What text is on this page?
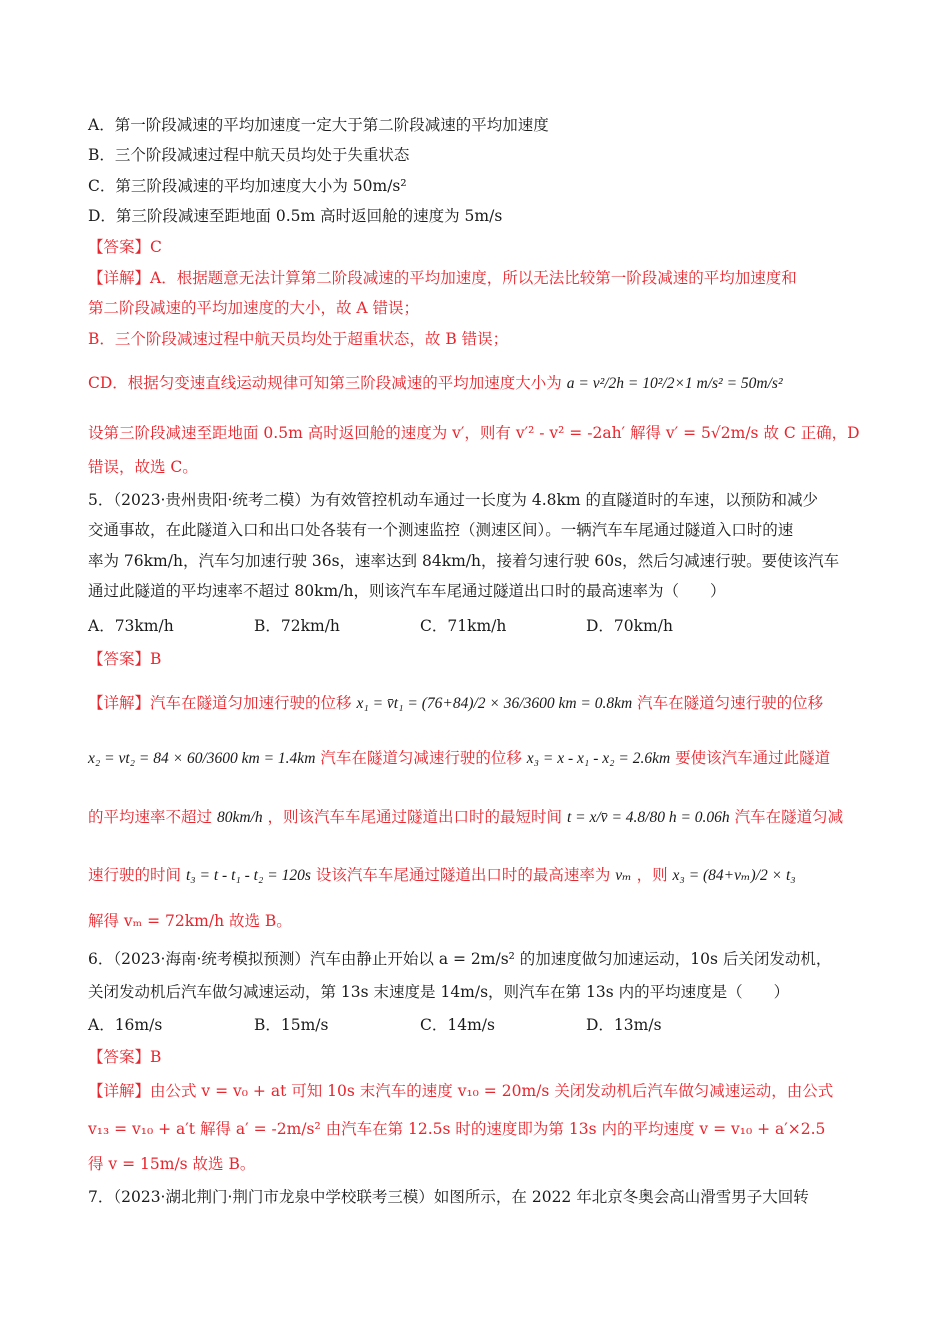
A．第一阶段减速的平均加速度一定大于第二阶段减速的平均加速度
B．三个阶段减速过程中航天员均处于失重状态
C．第三阶段减速的平均加速度大小为 50m/s²
D．第三阶段减速至距地面 0.5m 高时返回舱的速度为 5m/s
【答案】C
【详解】A．根据题意无法计算第二阶段减速的平均加速度，所以无法比较第一阶段减速的平均加速度和
第二阶段减速的平均加速度的大小，故 A 错误；
B．三个阶段减速过程中航天员均处于超重状态，故 B 错误；
CD．根据匀变速直线运动规律可知第三阶段减速的平均加速度大小为 a = v²/2h = 10²/2×1 m/s² = 50m/s²
设第三阶段减速至距地面 0.5m 高时返回舱的速度为 v′，则有 v′² - v² = -2ah′ 解得 v′ = 5√2m/s 故 C 正确，D
错误，故选 C。
5．（2023·贵州贵阳·统考二模）为有效管控机动车通过一长度为 4.8km 的直隧道时的车速，以预防和减少
交通事故，在此隧道入口和出口处各装有一个测速监控（测速区间）。一辆汽车车尾通过隧道入口时的速
率为 76km/h，汽车匀加速行驶 36s，速率达到 84km/h，接着匀速行驶 60s，然后匀减速行驶。要使该汽车
通过此隧道的平均速率不超过 80km/h，则该汽车车尾通过隧道出口时的最高速率为（　　）
A．73km/h	B．72km/h	C．71km/h	D．70km/h
【答案】B
【详解】汽车在隧道匀加速行驶的位移 x₁ = v̄t₁ = (76+84)/2 × 36/3600 km = 0.8km 汽车在隧道匀速行驶的位移
x₂ = vt₂ = 84 × 60/3600 km = 1.4km 汽车在隧道匀减速行驶的位移 x₃ = x - x₁ - x₂ = 2.6km 要使该汽车通过此隧道
的平均速率不超过 80km/h ，则该汽车车尾通过隧道出口时的最短时间 t = x/v̄ = 4.8/80 h = 0.06h 汽车在隧道匀减
速行驶的时间 t₃ = t - t₁ - t₂ = 120s 设该汽车车尾通过隧道出口时的最高速率为 vₘ ，则 x₃ = (84+vₘ)/2 × t₃
解得 vₘ = 72km/h 故选 B。
6．（2023·海南·统考模拟预测）汽车由静止开始以 a = 2m/s² 的加速度做匀加速运动，10s 后关闭发动机，
关闭发动机后汽车做匀减速运动，第 13s 末速度是 14m/s，则汽车在第 13s 内的平均速度是（　　）
A．16m/s	B．15m/s	C．14m/s	D．13m/s
【答案】B
【详解】由公式 v = v₀ + at 可知 10s 末汽车的速度 v₁₀ = 20m/s 关闭发动机后汽车做匀减速运动，由公式
v₁₃ = v₁₀ + a′t 解得 a′ = -2m/s² 由汽车在第 12.5s 时的速度即为第 13s 内的平均速度 v = v₁₀ + a′×2.5
得 v = 15m/s 故选 B。
7．（2023·湖北荆门·荆门市龙泉中学校联考三模）如图所示，在 2022 年北京冬奥会高山滑雪男子大回转
